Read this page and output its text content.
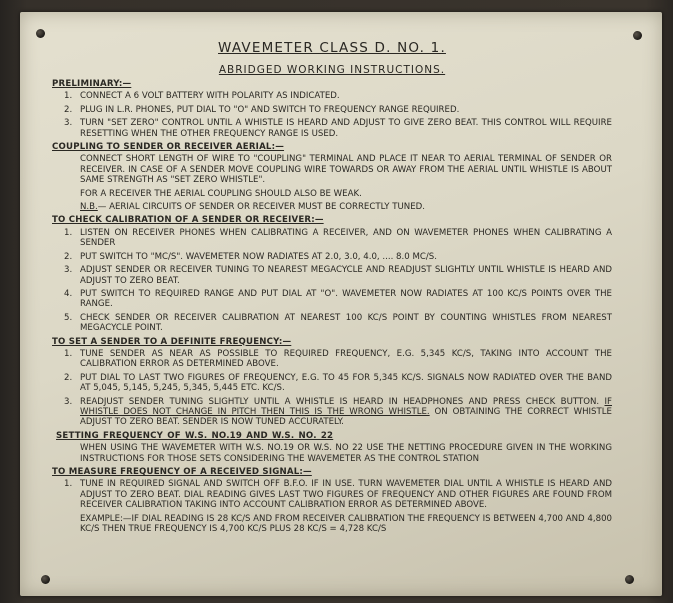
WAVEMETER CLASS D. NO. 1.
ABRIDGED WORKING INSTRUCTIONS.
PRELIMINARY:—
1. CONNECT A 6 VOLT BATTERY WITH POLARITY AS INDICATED.
2. PLUG IN L.R. PHONES, PUT DIAL TO "O" AND SWITCH TO FREQUENCY RANGE REQUIRED.
3. TURN "SET ZERO" CONTROL UNTIL A WHISTLE IS HEARD AND ADJUST TO GIVE ZERO BEAT. THIS CONTROL WILL REQUIRE RESETTING WHEN THE OTHER FREQUENCY RANGE IS USED.
COUPLING TO SENDER OR RECEIVER AERIAL:—
CONNECT SHORT LENGTH OF WIRE TO "COUPLING" TERMINAL AND PLACE IT NEAR TO AERIAL TERMINAL OF SENDER OR RECEIVER. IN CASE OF A SENDER MOVE COUPLING WIRE TOWARDS OR AWAY FROM THE AERIAL UNTIL WHISTLE IS ABOUT SAME STRENGTH AS "SET ZERO WHISTLE".
FOR A RECEIVER THE AERIAL COUPLING SHOULD ALSO BE WEAK.
N.B.— AERIAL CIRCUITS OF SENDER OR RECEIVER MUST BE CORRECTLY TUNED.
TO CHECK CALIBRATION OF A SENDER OR RECEIVER:—
1. LISTEN ON RECEIVER PHONES WHEN CALIBRATING A RECEIVER, AND ON WAVEMETER PHONES WHEN CALIBRATING A SENDER
2. PUT SWITCH TO "MC/S". WAVEMETER NOW RADIATES AT 2.0, 3.0, 4.0, .... 8.0 MC/S.
3. ADJUST SENDER OR RECEIVER TUNING TO NEAREST MEGACYCLE AND READJUST SLIGHTLY UNTIL WHISTLE IS HEARD AND ADJUST TO ZERO BEAT.
4. PUT SWITCH TO REQUIRED RANGE AND PUT DIAL AT "O". WAVEMETER NOW RADIATES AT 100 KC/S POINTS OVER THE RANGE.
5. CHECK SENDER OR RECEIVER CALIBRATION AT NEAREST 100 KC/S POINT BY COUNTING WHISTLES FROM NEAREST MEGACYCLE POINT.
TO SET A SENDER TO A DEFINITE FREQUENCY:—
1. TUNE SENDER AS NEAR AS POSSIBLE TO REQUIRED FREQUENCY, E.G. 5,345 KC/S, TAKING INTO ACCOUNT THE CALIBRATION ERROR AS DETERMINED ABOVE.
2. PUT DIAL TO LAST TWO FIGURES OF FREQUENCY, E.G. TO 45 FOR 5,345 KC/S. SIGNALS NOW RADIATED OVER THE BAND AT 5,045, 5,145, 5,245, 5,345, 5,445 ETC. KC/S.
3. READJUST SENDER TUNING SLIGHTLY UNTIL A WHISTLE IS HEARD IN HEADPHONES AND PRESS CHECK BUTTON. IF WHISTLE DOES NOT CHANGE IN PITCH THEN THIS IS THE WRONG WHISTLE. ON OBTAINING THE CORRECT WHISTLE ADJUST TO ZERO BEAT. SENDER IS NOW TUNED ACCURATELY.
SETTING FREQUENCY OF W.S. NO.19 AND W.S. NO. 22
WHEN USING THE WAVEMETER WITH W.S. NO.19 OR W.S. NO 22 USE THE NETTING PROCEDURE GIVEN IN THE WORKING INSTRUCTIONS FOR THOSE SETS CONSIDERING THE WAVEMETER AS THE CONTROL STATION
TO MEASURE FREQUENCY OF A RECEIVED SIGNAL:—
1. TUNE IN REQUIRED SIGNAL AND SWITCH OFF B.F.O. IF IN USE. TURN WAVEMETER DIAL UNTIL A WHISTLE IS HEARD AND ADJUST TO ZERO BEAT. DIAL READING GIVES LAST TWO FIGURES OF FREQUENCY AND OTHER FIGURES ARE FOUND FROM RECEIVER CALIBRATION TAKING INTO ACCOUNT CALIBRATION ERROR AS DETERMINED ABOVE.
EXAMPLE:—IF DIAL READING IS 28 KC/S AND FROM RECEIVER CALIBRATION THE FREQUENCY IS BETWEEN 4,700 AND 4,800 KC/S THEN TRUE FREQUENCY IS 4,700 KC/S PLUS 28 KC/S = 4,728 KC/S
